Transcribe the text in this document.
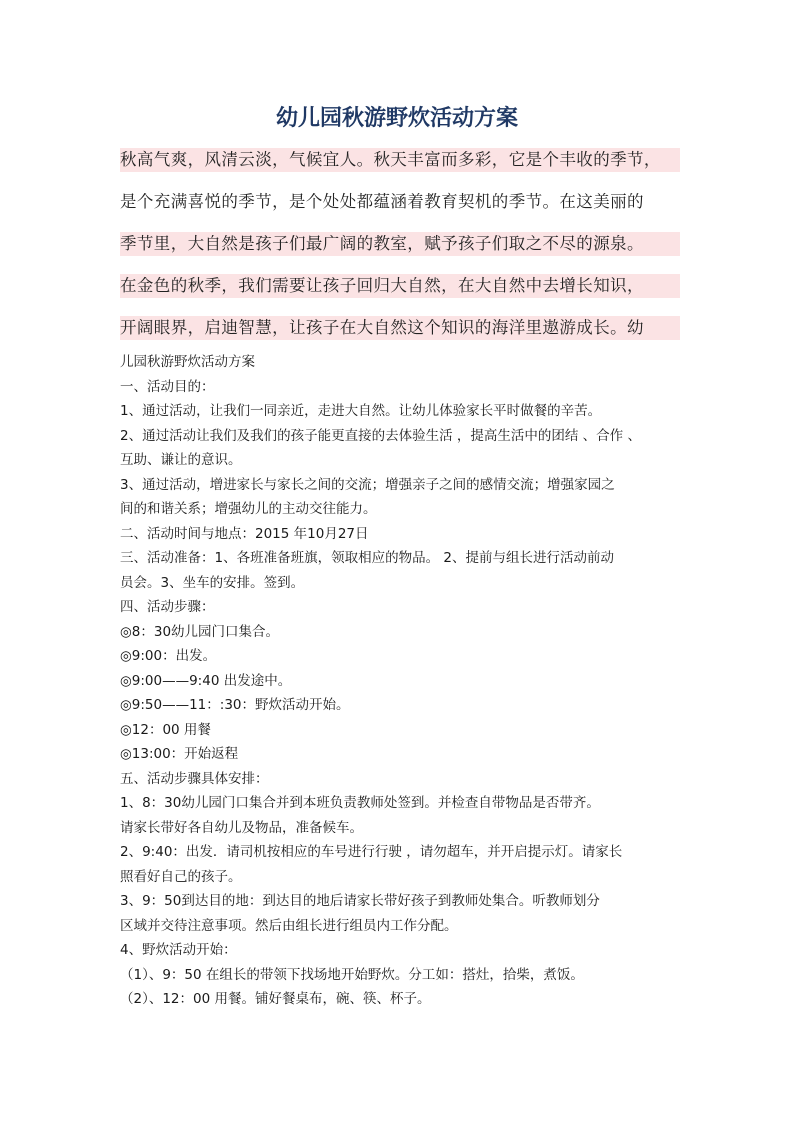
幼儿园秋游野炊活动方案
秋高气爽，风清云淡，气候宜人。秋天丰富而多彩，它是个丰收的季节，
是个充满喜悦的季节，是个处处都蕴涵着教育契机的季节。在这美丽的
季节里，大自然是孩子们最广阔的教室，赋予孩子们取之不尽的源泉。
在金色的秋季，我们需要让孩子回归大自然，在大自然中去增长知识，
开阔眼界，启迪智慧，让孩子在大自然这个知识的海洋里遨游成长。幼
儿园秋游野炊活动方案
一、活动目的：
1、通过活动，让我们一同亲近，走进大自然。让幼儿体验家长平时做餐的辛苦。
2、通过活动让我们及我们的孩子能更直接的去体验生活 ，提高生活中的团结 、合作 、
互助、谦让的意识。
3、通过活动，增进家长与家长之间的交流；增强亲子之间的感情交流；增强家园之
间的和谐关系；增强幼儿的主动交往能力。
二、活动时间与地点：2015 年10月27日
三、活动准备：1、各班准备班旗，领取相应的物品。 2、提前与组长进行活动前动
员会。3、坐车的安排。签到。
四、活动步骤：
◎8：30幼儿园门口集合。
◎9:00：出发。
◎9:00——9:40 出发途中。
◎9:50——11：:30：野炊活动开始。
◎12：00 用餐
◎13:00：开始返程
五、活动步骤具体安排：
1、8：30幼儿园门口集合并到本班负责教师处签到。并检查自带物品是否带齐。
请家长带好各自幼儿及物品，准备候车。
2、9:40：出发．请司机按相应的车号进行行驶 ，请勿超车，并开启提示灯。请家长
照看好自己的孩子。
3、9：50到达目的地：到达目的地后请家长带好孩子到教师处集合。听教师划分
区域并交待注意事项。然后由组长进行组员内工作分配。
4、野炊活动开始：
（1）、9：50 在组长的带领下找场地开始野炊。分工如：搭灶，拾柴，煮饭。
（2）、12：00 用餐。铺好餐桌布，碗、筷、杯子。
